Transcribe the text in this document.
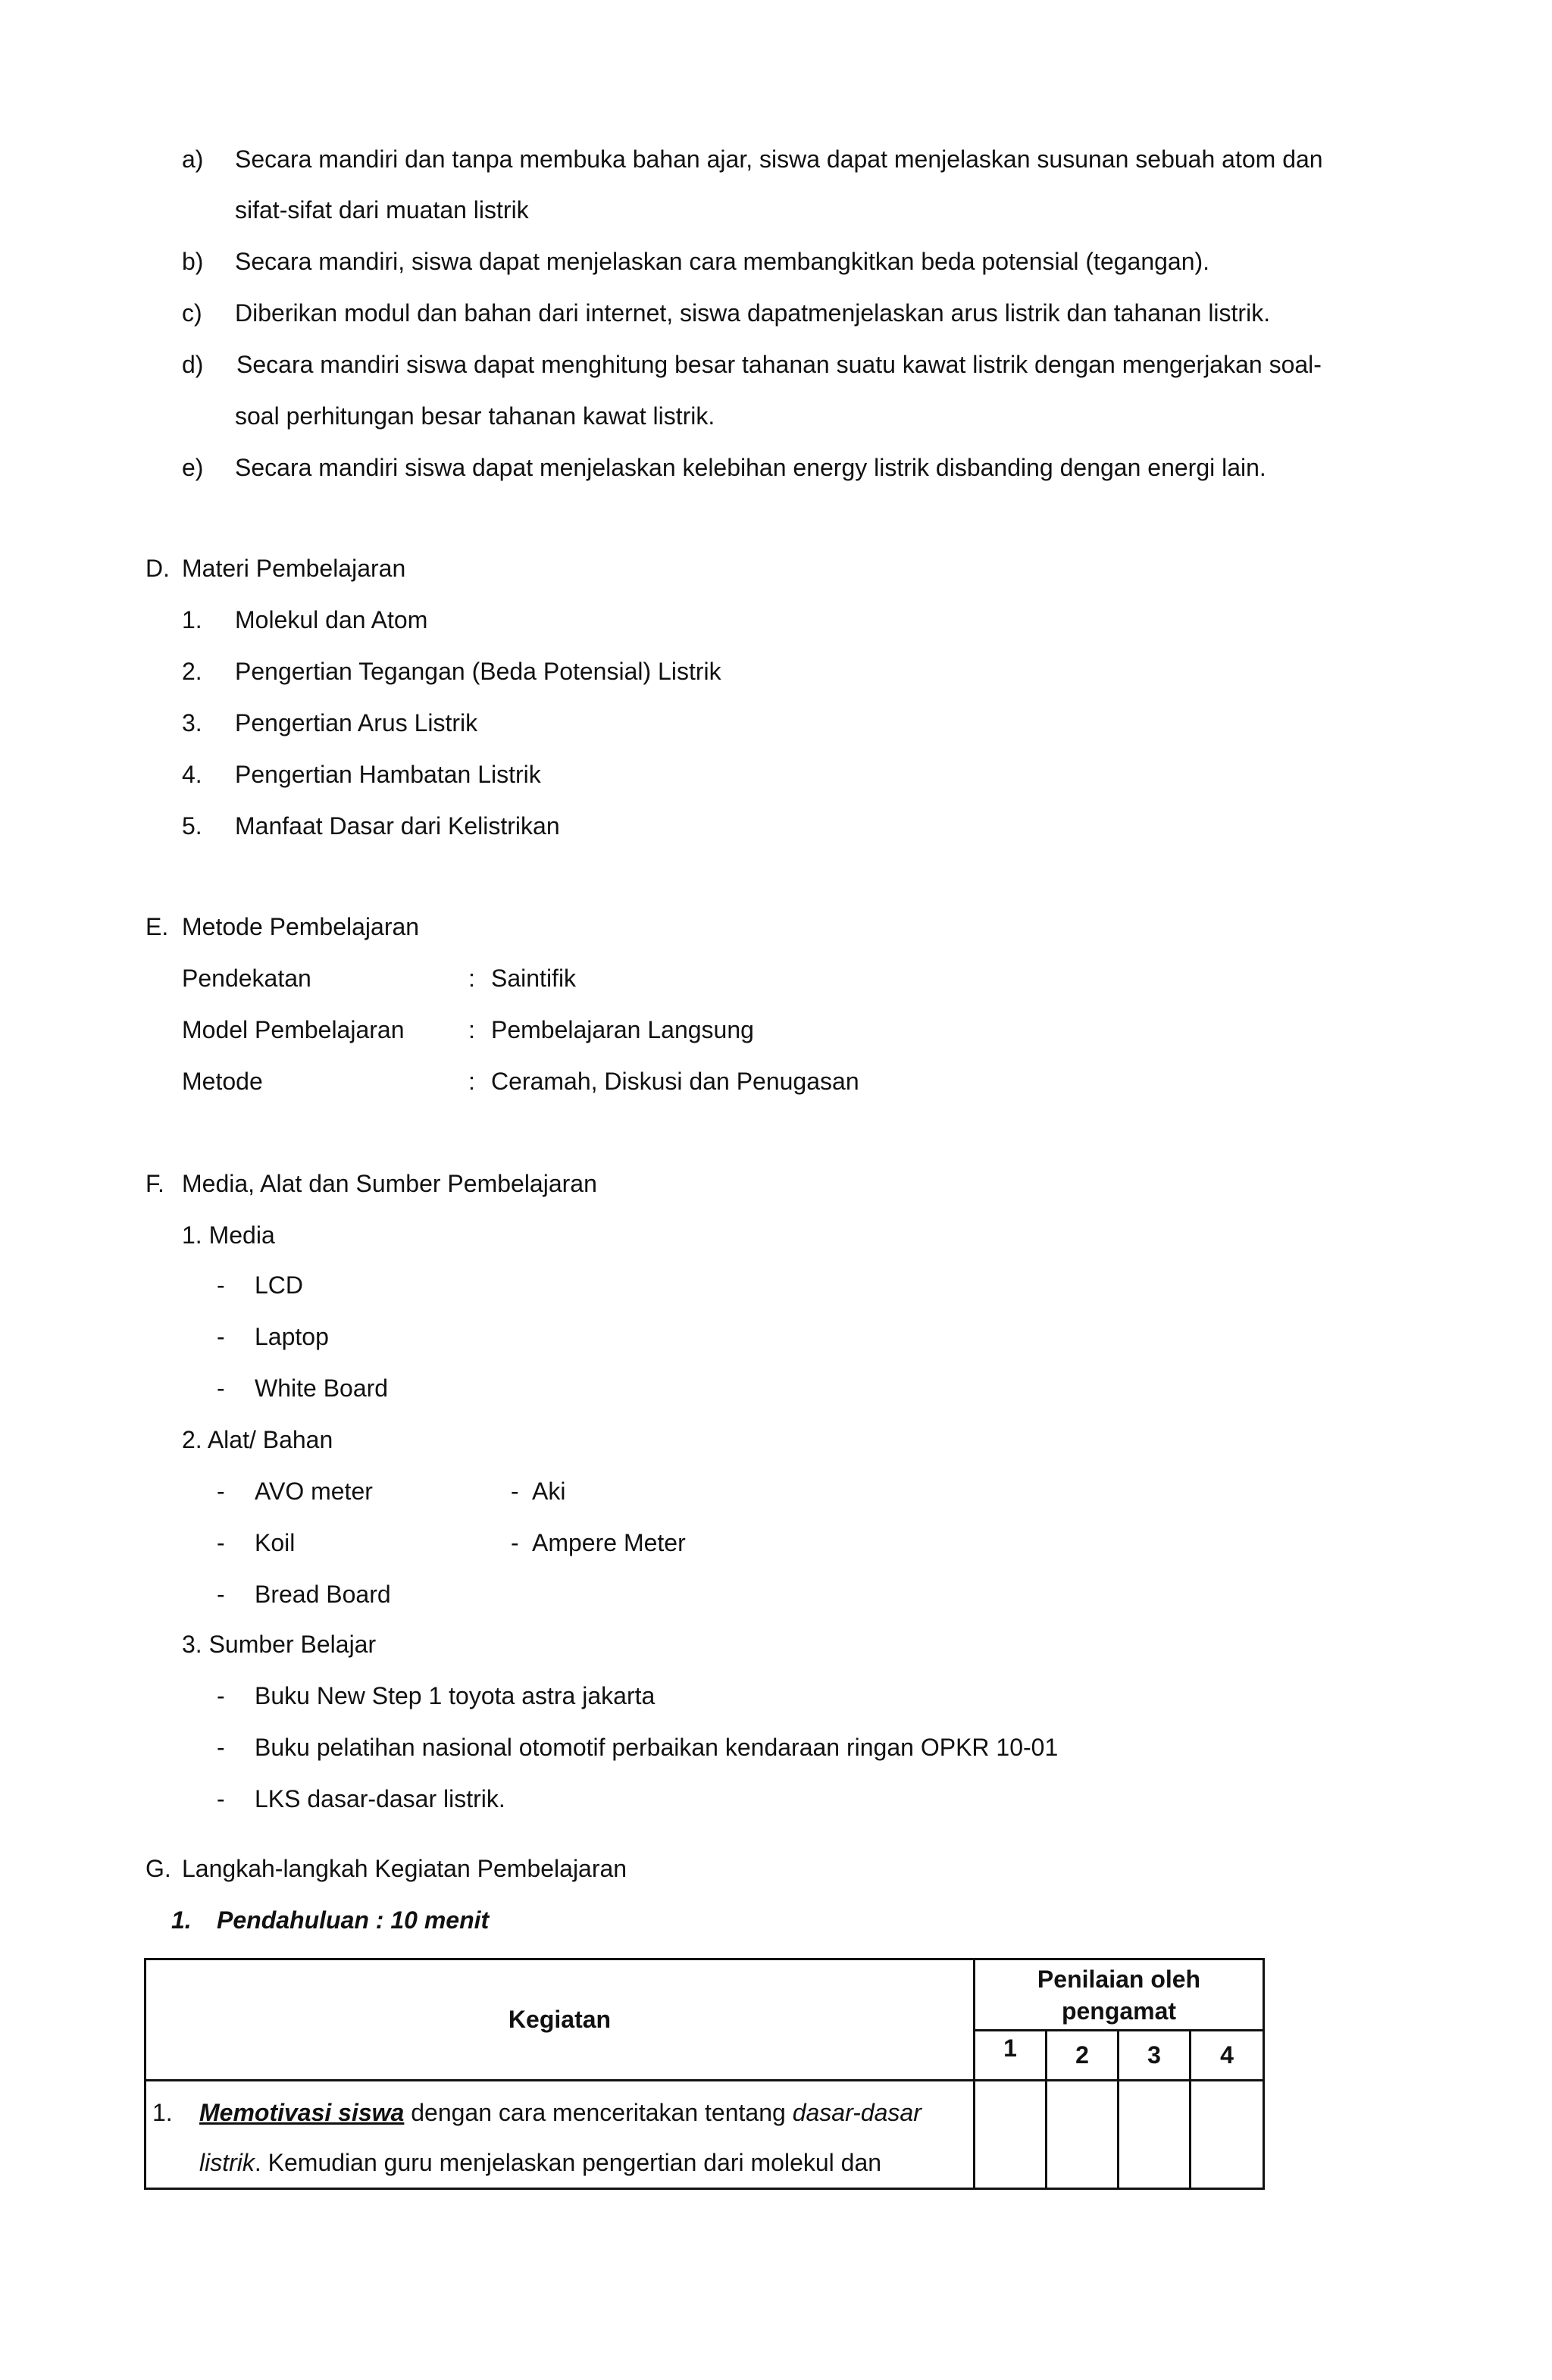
a) Secara mandiri dan tanpa membuka bahan ajar, siswa dapat menjelaskan susunan sebuah atom dan
sifat-sifat dari muatan listrik
b) Secara mandiri, siswa dapat menjelaskan cara membangkitkan beda potensial (tegangan).
c) Diberikan modul dan bahan dari internet, siswa dapatmenjelaskan arus listrik dan tahanan listrik.
d) Secara mandiri siswa dapat menghitung besar tahanan suatu kawat listrik dengan mengerjakan soal-
soal perhitungan besar tahanan kawat listrik.
e) Secara mandiri siswa dapat menjelaskan kelebihan energy listrik disbanding dengan energi lain.
D. Materi Pembelajaran
1. Molekul dan Atom
2. Pengertian Tegangan (Beda Potensial) Listrik
3. Pengertian Arus Listrik
4. Pengertian Hambatan Listrik
5. Manfaat Dasar dari Kelistrikan
E. Metode Pembelajaran
Pendekatan	: Saintifik
Model Pembelajaran	: Pembelajaran Langsung
Metode	: Ceramah, Diskusi dan Penugasan
F. Media, Alat dan Sumber Pembelajaran
1. Media
- LCD
- Laptop
- White Board
2. Alat/ Bahan
- AVO meter	- Aki
- Koil	- Ampere Meter
- Bread Board
3. Sumber Belajar
- Buku New Step 1 toyota astra jakarta
- Buku pelatihan nasional otomotif perbaikan kendaraan ringan OPKR 10-01
- LKS dasar-dasar listrik.
G. Langkah-langkah Kegiatan Pembelajaran
1. Pendahuluan : 10 menit
Kegiatan	Penilaian oleh pengamat			
	1	2	3	4

1. Memotivasi siswa dengan cara menceritakan tentang dasar-dasar
listrik. Kemudian guru menjelaskan pengertian dari molekul dan				
